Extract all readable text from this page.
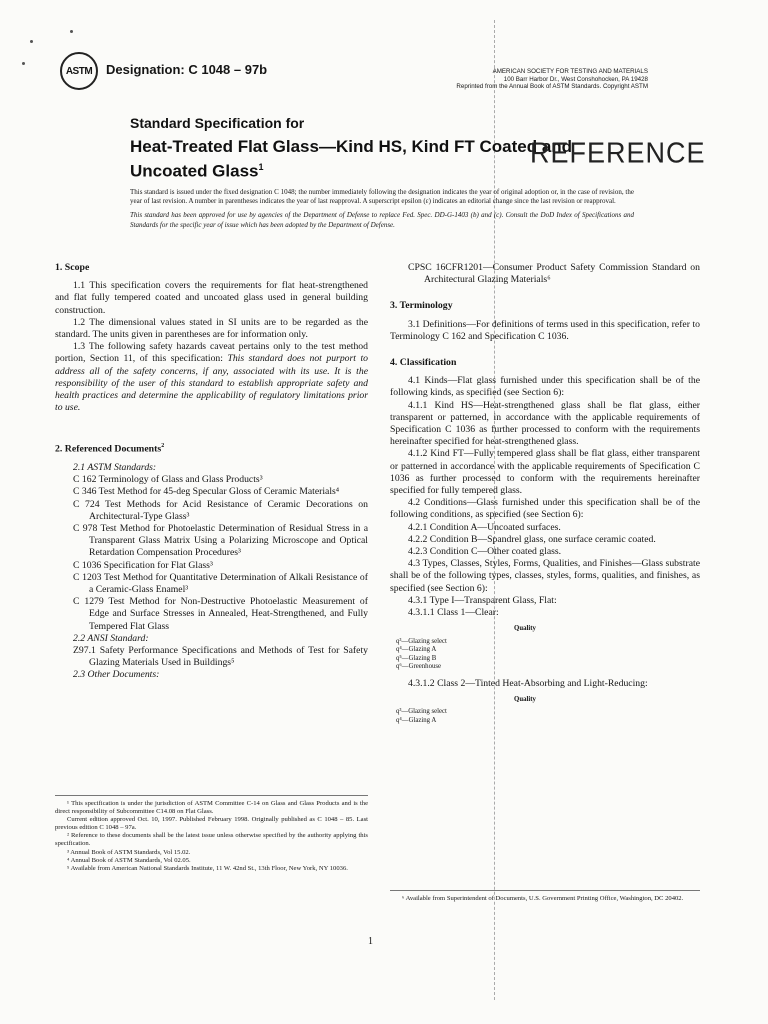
ASTM Designation: C 1048 – 97b	AMERICAN SOCIETY FOR TESTING AND MATERIALS
100 Barr Harbor Dr., West Conshohocken, PA 19428
Reprinted from the Annual Book of ASTM Standards. Copyright ASTM
Standard Specification for
Heat-Treated Flat Glass—Kind HS, Kind FT Coated and
Uncoated Glass$^1$	REFERENCE

This standard is issued under the fixed designation C 1048; the number immediately following the designation indicates the year of original adoption or, in the case of revision, the year of last revision. A number in parentheses indicates the year of last reapproval. A superscript epsilon (ε) indicates an editorial change since the last revision or reapproval.

This standard has been approved for use by agencies of the Department of Defense to replace Fed. Spec. DD-G-1403 (b) and (c). Consult the DoD Index of Specifications and Standards for the specific year of issue which has been adopted by the Department of Defense.

1. Scope

1.1 This specification covers the requirements for flat heat-strengthened and flat fully tempered coated and uncoated glass used in general building construction.

1.2 The dimensional values stated in SI units are to be regarded as the standard. The units given in parentheses are for information only.

1.3 The following safety hazards caveat pertains only to the test method portion, Section 11, of this specification: This standard does not purport to address all of the safety concerns, if any, associated with its use. It is the responsibility of the user of this standard to establish appropriate safety and health practices and determine the applicability of regulatory limitations prior to use.

2. Referenced Documents$^2$

2.1 ASTM Standards:

C 162 Terminology of Glass and Glass Products³

C 346 Test Method for 45-deg Specular Gloss of Ceramic Materials⁴

C 724 Test Methods for Acid Resistance of Ceramic Decorations on Architectural-Type Glass³

C 978 Test Method for Photoelastic Determination of Residual Stress in a Transparent Glass Matrix Using a Polarizing Microscope and Optical Retardation Compensation Procedures³

C 1036 Specification for Flat Glass³

C 1203 Test Method for Quantitative Determination of Alkali Resistance of a Ceramic-Glass Enamel³

C 1279 Test Method for Non-Destructive Photoelastic Measurement of Edge and Surface Stresses in Annealed, Heat-Strengthened, and Fully Tempered Flat Glass

2.2 ANSI Standard:

Z97.1 Safety Performance Specifications and Methods of Test for Safety Glazing Materials Used in Buildings⁵

2.3 Other Documents:

CPSC 16CFR1201—Consumer Product Safety Commission Standard on Architectural Glazing Materials⁶

3. Terminology

3.1 Definitions—For definitions of terms used in this specification, refer to Terminology C 162 and Specification C 1036.

4. Classification

4.1 Kinds—Flat glass furnished under this specification shall be of the following kinds, as specified (see Section 6):

4.1.1 Kind HS—Heat-strengthened glass shall be flat glass, either transparent or patterned, in accordance with the applicable requirements of Specification C 1036 as further processed to conform with the requirements hereinafter specified for heat-strengthened glass.

4.1.2 Kind FT—Fully tempered glass shall be flat glass, either transparent or patterned in accordance with the applicable requirements of Specification C 1036 as further processed to conform with the requirements hereinafter specified for fully tempered glass.

4.2 Conditions—Glass furnished under this specification shall be of the following conditions, as specified (see Section 6):

4.2.1 Condition A—Uncoated surfaces.

4.2.2 Condition B—Spandrel glass, one surface ceramic coated.

4.2.3 Condition C—Other coated glass.

4.3 Types, Classes, Styles, Forms, Qualities, and Finishes—Glass substrate shall be of the following types, classes, styles, forms, qualities, and finishes, as specified (see Section 6):

4.3.1 Type I—Transparent Glass, Flat:

4.3.1.1 Class 1—Clear:

Quality
q³—Glazing select
q⁴—Glazing A
q⁵—Glazing B
q⁶—Greenhouse

4.3.1.2 Class 2—Tinted Heat-Absorbing and Light-Reducing:

Quality
q³—Glazing select
q⁴—Glazing A

¹ This specification is under the jurisdiction of ASTM Committee C-14 on Glass and Glass Products and is the direct responsibility of Subcommittee C14.08 on Flat Glass.

Current edition approved Oct. 10, 1997. Published February 1998. Originally published as C 1048 – 85. Last previous edition C 1048 – 97a.

² Reference to these documents shall be the latest issue unless otherwise specified by the authority applying this specification.

³ Annual Book of ASTM Standards, Vol 15.02.

⁴ Annual Book of ASTM Standards, Vol 02.05.

⁵ Available from American National Standards Institute, 11 W. 42nd St., 13th Floor, New York, NY 10036.

⁶ Available from Superintendent of Documents, U.S. Government Printing Office, Washington, DC 20402.

1
